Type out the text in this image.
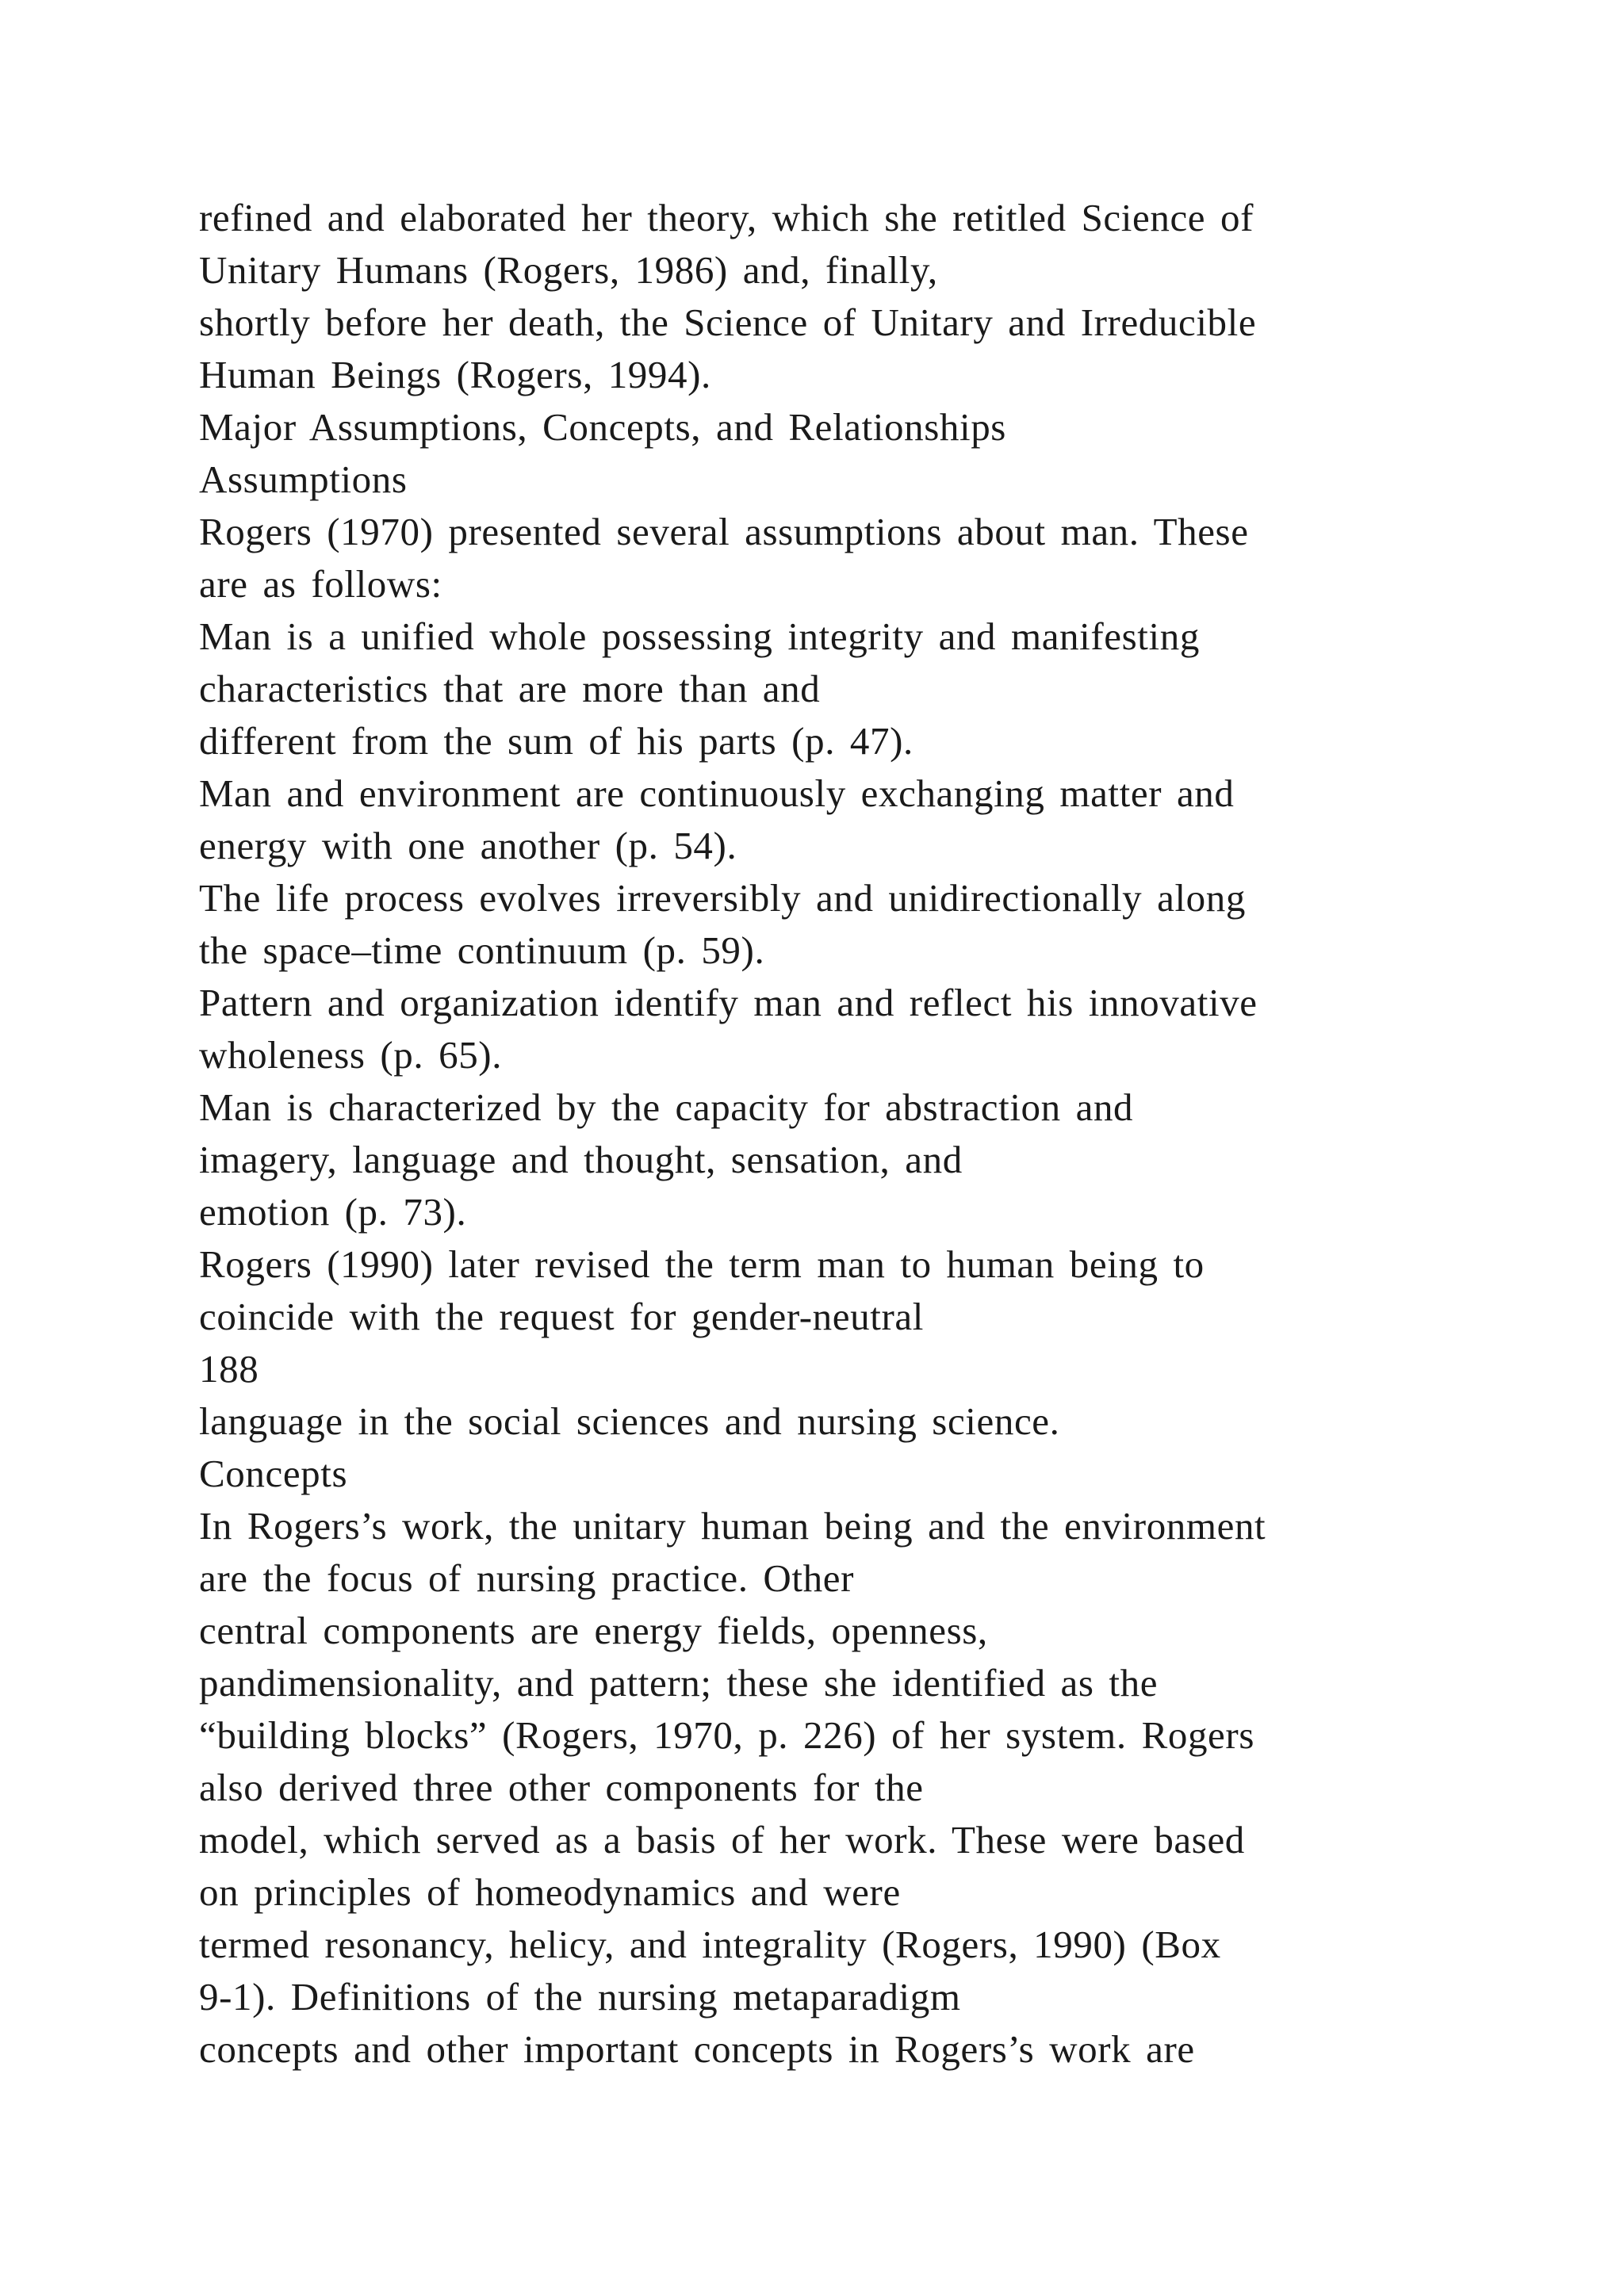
refined and elaborated her theory, which she retitled Science of
Unitary Humans (Rogers, 1986) and, finally,
shortly before her death, the Science of Unitary and Irreducible
Human Beings (Rogers, 1994).
Major Assumptions, Concepts, and Relationships
Assumptions
Rogers (1970) presented several assumptions about man. These
are as follows:
Man is a unified whole possessing integrity and manifesting
characteristics that are more than and
different from the sum of his parts (p. 47).
Man and environment are continuously exchanging matter and
energy with one another (p. 54).
The life process evolves irreversibly and unidirectionally along
the space–time continuum (p. 59).
Pattern and organization identify man and reflect his innovative
wholeness (p. 65).
Man is characterized by the capacity for abstraction and
imagery, language and thought, sensation, and
emotion (p. 73).
Rogers (1990) later revised the term man to human being to
coincide with the request for gender-neutral
188
language in the social sciences and nursing science.
Concepts
In Rogers’s work, the unitary human being and the environment
are the focus of nursing practice. Other
central components are energy fields, openness,
pandimensionality, and pattern; these she identified as the
“building blocks” (Rogers, 1970, p. 226) of her system. Rogers
also derived three other components for the
model, which served as a basis of her work. These were based
on principles of homeodynamics and were
termed resonancy, helicy, and integrality (Rogers, 1990) (Box
9-1). Definitions of the nursing metaparadigm
concepts and other important concepts in Rogers’s work are
